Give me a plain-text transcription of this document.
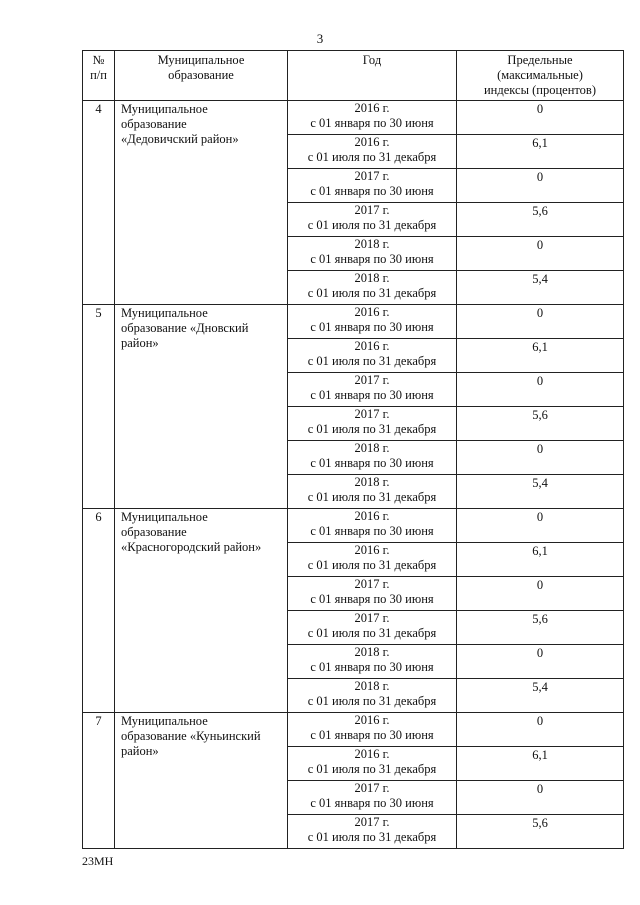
3
№
п/п	Муниципальное
образование	Год	Предельные
(максимальные)
индексы (процентов)

4	Муниципальное
образование
«Дедовичский район»	2016 г.
с 01 января по 30 июня	0

		2016 г.
с 01 июля по 31 декабря	6,1

		2017 г.
с 01 января по 30 июня	0

		2017 г.
с 01 июля по 31 декабря	5,6

		2018 г.
с 01 января по 30 июня	0

		2018 г.
с 01 июля по 31 декабря	5,4
5	Муниципальное
образование «Дновский
район»	2016 г.
с 01 января по 30 июня	0

		2016 г.
с 01 июля по 31 декабря	6,1

		2017 г.
с 01 января по 30 июня	0

		2017 г.
с 01 июля по 31 декабря	5,6

		2018 г.
с 01 января по 30 июня	0

		2018 г.
с 01 июля по 31 декабря	5,4
6	Муниципальное
образование
«Красногородский район»	2016 г.
с 01 января по 30 июня	0

		2016 г.
с 01 июля по 31 декабря	6,1

		2017 г.
с 01 января по 30 июня	0

		2017 г.
с 01 июля по 31 декабря	5,6

		2018 г.
с 01 января по 30 июня	0

		2018 г.
с 01 июля по 31 декабря	5,4
7	Муниципальное
образование «Куньинский
район»	2016 г.
с 01 января по 30 июня	0

		2016 г.
с 01 июля по 31 декабря	6,1

		2017 г.
с 01 января по 30 июня	0

		2017 г.
с 01 июля по 31 декабря	5,6
23МН
